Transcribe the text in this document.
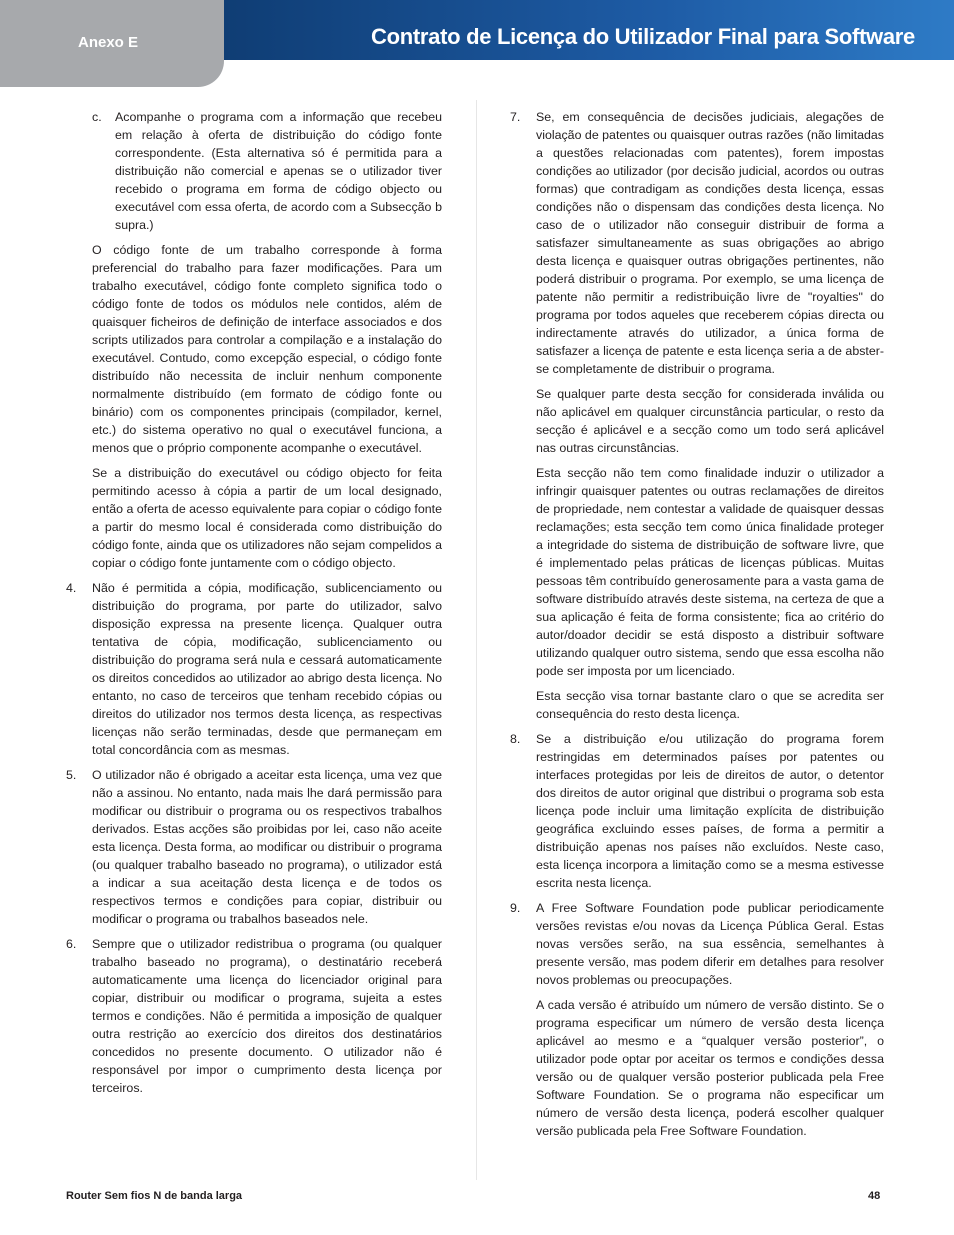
Anexo E	Contrato de Licença do Utilizador Final para Software
c. Acompanhe o programa com a informação que recebeu em relação à oferta de distribuição do código fonte correspondente. (Esta alternativa só é permitida para a distribuição não comercial e apenas se o utilizador tiver recebido o programa em forma de código objecto ou executável com essa oferta, de acordo com a Subsecção b supra.)

O código fonte de um trabalho corresponde à forma preferencial do trabalho para fazer modificações. Para um trabalho executável, código fonte completo significa todo o código fonte de todos os módulos nele contidos, além de quaisquer ficheiros de definição de interface associados e dos scripts utilizados para controlar a compilação e a instalação do executável. Contudo, como excepção especial, o código fonte distribuído não necessita de incluir nenhum componente normalmente distribuído (em formato de código fonte ou binário) com os componentes principais (compilador, kernel, etc.) do sistema operativo no qual o executável funciona, a menos que o próprio componente acompanhe o executável.

Se a distribuição do executável ou código objecto for feita permitindo acesso à cópia a partir de um local designado, então a oferta de acesso equivalente para copiar o código fonte a partir do mesmo local é considerada como distribuição do código fonte, ainda que os utilizadores não sejam compelidos a copiar o código fonte juntamente com o código objecto.

4. Não é permitida a cópia, modificação, sublicenciamento ou distribuição do programa, por parte do utilizador, salvo disposição expressa na presente licença. Qualquer outra tentativa de cópia, modificação, sublicenciamento ou distribuição do programa será nula e cessará automaticamente os direitos concedidos ao utilizador ao abrigo desta licença. No entanto, no caso de terceiros que tenham recebido cópias ou direitos do utilizador nos termos desta licença, as respectivas licenças não serão terminadas, desde que permaneçam em total concordância com as mesmas.

5. O utilizador não é obrigado a aceitar esta licença, uma vez que não a assinou. No entanto, nada mais lhe dará permissão para modificar ou distribuir o programa ou os respectivos trabalhos derivados. Estas acções são proibidas por lei, caso não aceite esta licença. Desta forma, ao modificar ou distribuir o programa (ou qualquer trabalho baseado no programa), o utilizador está a indicar a sua aceitação desta licença e de todos os respectivos termos e condições para copiar, distribuir ou modificar o programa ou trabalhos baseados nele.

6. Sempre que o utilizador redistribua o programa (ou qualquer trabalho baseado no programa), o destinatário receberá automaticamente uma licença do licenciador original para copiar, distribuir ou modificar o programa, sujeita a estes termos e condições. Não é permitida a imposição de qualquer outra restrição ao exercício dos direitos dos destinatários concedidos no presente documento. O utilizador não é responsável por impor o cumprimento desta licença por terceiros.

7. Se, em consequência de decisões judiciais, alegações de violação de patentes ou quaisquer outras razões (não limitadas a questões relacionadas com patentes), forem impostas condições ao utilizador (por decisão judicial, acordos ou outras formas) que contradigam as condições desta licença, essas condições não o dispensam das condições desta licença. No caso de o utilizador não conseguir distribuir de forma a satisfazer simultaneamente as suas obrigações ao abrigo desta licença e quaisquer outras obrigações pertinentes, não poderá distribuir o programa. Por exemplo, se uma licença de patente não permitir a redistribuição livre de "royalties" do programa por todos aqueles que receberem cópias directa ou indirectamente através do utilizador, a única forma de satisfazer a licença de patente e esta licença seria a de abster-se completamente de distribuir o programa.

Se qualquer parte desta secção for considerada inválida ou não aplicável em qualquer circunstância particular, o resto da secção é aplicável e a secção como um todo será aplicável nas outras circunstâncias.

Esta secção não tem como finalidade induzir o utilizador a infringir quaisquer patentes ou outras reclamações de direitos de propriedade, nem contestar a validade de quaisquer dessas reclamações; esta secção tem como única finalidade proteger a integridade do sistema de distribuição de software livre, que é implementado pelas práticas de licenças públicas. Muitas pessoas têm contribuído generosamente para a vasta gama de software distribuído através deste sistema, na certeza de que a sua aplicação é feita de forma consistente; fica ao critério do autor/doador decidir se está disposto a distribuir software utilizando qualquer outro sistema, sendo que essa escolha não pode ser imposta por um licenciado.

Esta secção visa tornar bastante claro o que se acredita ser consequência do resto desta licença.

8. Se a distribuição e/ou utilização do programa forem restringidas em determinados países por patentes ou interfaces protegidas por leis de direitos de autor, o detentor dos direitos de autor original que distribui o programa sob esta licença pode incluir uma limitação explícita de distribuição geográfica excluindo esses países, de forma a permitir a distribuição apenas nos países não excluídos. Neste caso, esta licença incorpora a limitação como se a mesma estivesse escrita nesta licença.

9. A Free Software Foundation pode publicar periodicamente versões revistas e/ou novas da Licença Pública Geral. Estas novas versões serão, na sua essência, semelhantes à presente versão, mas podem diferir em detalhes para resolver novos problemas ou preocupações.

A cada versão é atribuído um número de versão distinto. Se o programa especificar um número de versão desta licença aplicável ao mesmo e a “qualquer versão posterior”, o utilizador pode optar por aceitar os termos e condições dessa versão ou de qualquer versão posterior publicada pela Free Software Foundation. Se o programa não especificar um número de versão desta licença, poderá escolher qualquer versão publicada pela Free Software Foundation.

Router Sem fios N de banda larga	48
